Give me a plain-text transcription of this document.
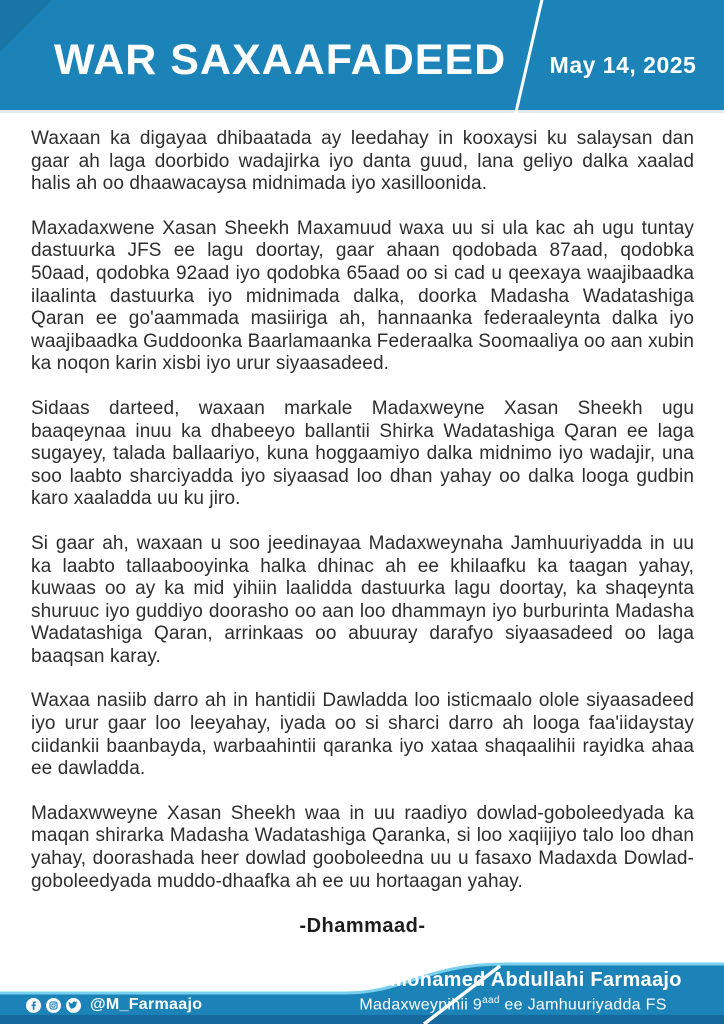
WAR SAXAAFADEED May 14, 2025

Waxaan ka digayaa dhibaatada ay leedahay in kooxaysi ku salaysan dan gaar ah laga doorbido wadajirka iyo danta guud, lana geliyo dalka xaalad halis ah oo dhaawacaysa midnimada iyo xasilloonida.

Maxadaxwene Xasan Sheekh Maxamuud waxa uu si ula kac ah ugu tuntay dastuurka JFS ee lagu doortay, gaar ahaan qodobada 87aad, qodobka 50aad, qodobka 92aad iyo qodobka 65aad oo si cad u qeexaya waajibaadka ilaalinta dastuurka iyo midnimada dalka, doorka Madasha Wadatashiga Qaran ee go'aammada masiiriga ah, hannaanka federaaleynta dalka iyo waajibaadka Guddoonka Baarlamaanka Federaalka Soomaaliya oo aan xubin ka noqon karin xisbi iyo urur siyaasadeed.

Sidaas darteed, waxaan markale Madaxweyne Xasan Sheekh ugu baaqeynaa inuu ka dhabeeyo ballantii Shirka Wadatashiga Qaran ee laga sugayey, talada ballaariyo, kuna hoggaamiyo dalka midnimo iyo wadajir, una soo laabto sharciyadda iyo siyaasad loo dhan yahay oo dalka looga gudbin karo xaaladda uu ku jiro.

Si gaar ah, waxaan u soo jeedinayaa Madaxweynaha Jamhuuriyadda in uu ka laabto tallaabooyinka halka dhinac ah ee khilaafku ka taagan yahay, kuwaas oo ay ka mid yihiin laalidda dastuurka lagu doortay, ka shaqeynta shuruuc iyo guddiyo doorasho oo aan loo dhammayn iyo burburinta Madasha Wadatashiga Qaran, arrinkaas oo abuuray darafyo siyaasadeed oo laga baaqsan karay.

Waxaa nasiib darro ah in hantidii Dawladda loo isticmaalo olole siyaasadeed iyo urur gaar loo leeyahay, iyada oo si sharci darro ah looga faa'iidaystay ciidankii baanbayda, warbaahintii qaranka iyo xataa shaqaalihii rayidka ahaa ee dawladda.

Madaxwweyne Xasan Sheekh waa in uu raadiyo dowlad-goboleedyada ka maqan shirarka Madasha Wadatashiga Qaranka, si loo xaqiijiyo talo loo dhan yahay, doorashada heer dowlad gooboleedna uu u fasaxo Madaxda Dowlad-goboleedyada muddo-dhaafka ah ee uu hortaagan yahay.

-Dhammaad-
@M_Farmaajo
H.E. Mohamed Abdullahi Farmaajo
Madaxweynihii $9^{aad}$ ee Jamhuuriyadda FS
